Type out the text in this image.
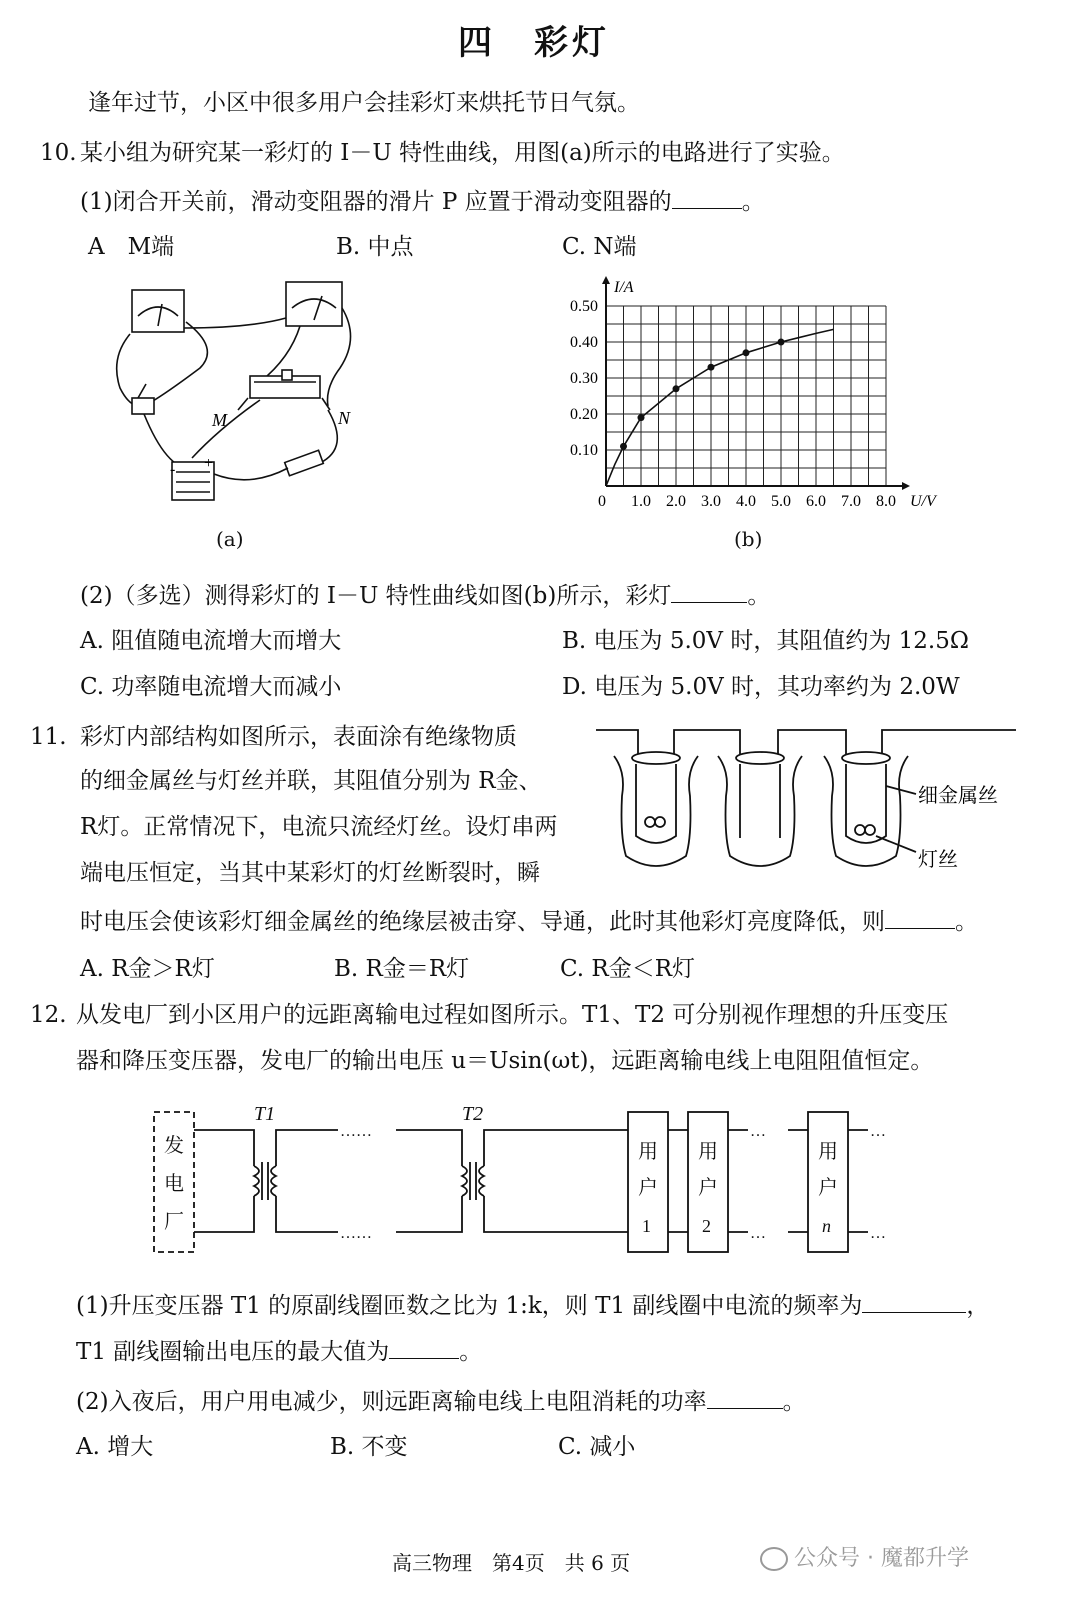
四　彩灯
逢年过节，小区中很多用户会挂彩灯来烘托节日气氛。
10. 某小组为研究某一彩灯的 I－U 特性曲线，用图(a)所示的电路进行了实验。
(1)闭合开关前，滑动变阻器的滑片 P 应置于滑动变阻器的	。
A　M端	B. 中点	C. N端
M	N
- +
(a)
0 1.0 2.0 3.0 4.0 5.0 6.0 7.0 8.0
0.10
0.20
0.30
0.40
0.50
U/V
I/A
(b)
(2)（多选）测得彩灯的 I－U 特性曲线如图(b)所示，彩灯	。
A. 阻值随电流增大而增大	B. 电压为 5.0V 时，其阻值约为 12.5Ω
C. 功率随电流增大而减小	D. 电压为 5.0V 时，其功率约为 2.0W
11. 彩灯内部结构如图所示，表面涂有绝缘物质
的细金属丝与灯丝并联，其阻值分别为 R金、
R灯。正常情况下，电流只流经灯丝。设灯串两
端电压恒定，当其中某彩灯的灯丝断裂时，瞬
时电压会使该彩灯细金属丝的绝缘层被击穿、导通，此时其他彩灯亮度降低，则	。
A. R金＞R灯	B. R金＝R灯	C. R金＜R灯
细金属丝
灯丝
12. 从发电厂到小区用户的远距离输电过程如图所示。T1、T2 可分别视作理想的升压变压
器和降压变压器，发电厂的输出电压 u＝Usin(ωt)，远距离输电线上电阻阻值恒定。
发
电
厂
T1	T2
……
……
…
…
…
…
用
户
1
用
户
2
用
户
n
(1)升压变压器 T1 的原副线圈匝数之比为 1:k，则 T1 副线圈中电流的频率为	，
T1 副线圈输出电压的最大值为	。
(2)入夜后，用户用电减少，则远距离输电线上电阻消耗的功率	。
A. 增大	B. 不变	C. 减小
高三物理　第4页　共 6 页	公众号 · 魔都升学
